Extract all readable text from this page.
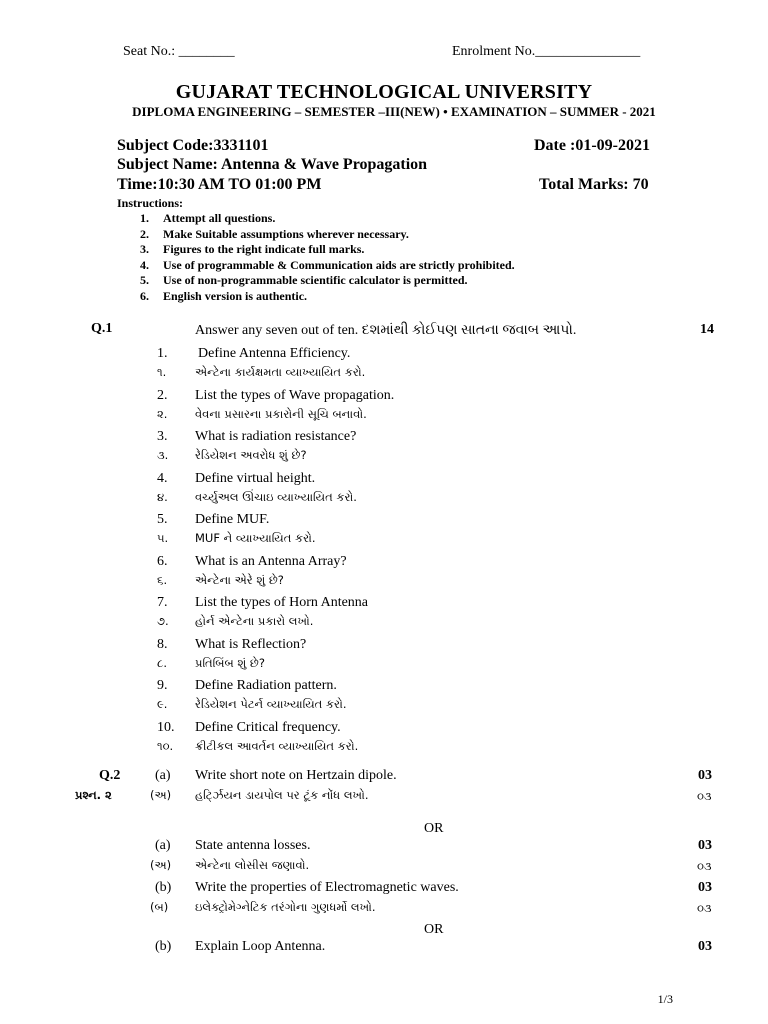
Seat No.: ________	Enrolment No._______________
GUJARAT TECHNOLOGICAL UNIVERSITY
DIPLOMA ENGINEERING – SEMESTER –III(NEW) • EXAMINATION – SUMMER - 2021
Subject Code:3331101	Date :01-09-2021
Subject Name: Antenna & Wave Propagation
Time:10:30 AM TO 01:00 PM	Total Marks: 70
Instructions:
1. Attempt all questions.
2. Make Suitable assumptions wherever necessary.
3. Figures to the right indicate full marks.
4. Use of programmable & Communication aids are strictly prohibited.
5. Use of non-programmable scientific calculator is permitted.
6. English version is authentic.
Q.1	Answer any seven out of ten. દશમાંથી કોઈપણ સાતના જવાબ આપો.	14
1. Define Antenna Efficiency.
૧. એન્ટેના કાર્યક્ષમતા વ્યાખ્યાયિત કરો.
2. List the types of Wave propagation.
૨. વેવના પ્રસારના પ્રકારોની સૂચિ બનાવો.
3. What is radiation resistance?
૩. રેડિયેશન અવરોધ શું છે?
4. Define virtual height.
૪. વર્ચ્યુઅલ ઊંચાઇ વ્યાખ્યાયિત કરો.
5. Define MUF.
૫. MUF ને વ્યાખ્યાયિત કરો.
6. What is an Antenna Array?
૬. એન્ટેના એરે શું છે?
7. List the types of Horn Antenna
૭. હોર્ન એન્ટેના પ્રકારો લખો.
8. What is Reflection?
૮. પ્રતિબિંબ શું છે?
9. Define Radiation pattern.
૯. રેડિયેશન પેટર્ન વ્યાખ્યાયિત કરો.
10. Define Critical frequency.
૧૦. ક્રીટીકલ આવર્તન વ્યાખ્યાયિત કરો.
Q.2 (a) Write short note on Hertzain dipole.	03
પ્રશ્ન. ૨	(અ) હર્ટ્ઝિયન ડાયપોલ પર ટૂંક નોંધ લખો.	૦૩
OR
(a) State antenna losses.	03
(અ) એન્ટેના લોસીસ જણાવો.	૦૩
(b) Write the properties of Electromagnetic waves.	03
(બ) ઇલેક્ટ્રોમેગ્નેટિક તરંગોના ગુણધર્મો લખો.	૦૩
OR
(b) Explain Loop Antenna.	03
1/3
